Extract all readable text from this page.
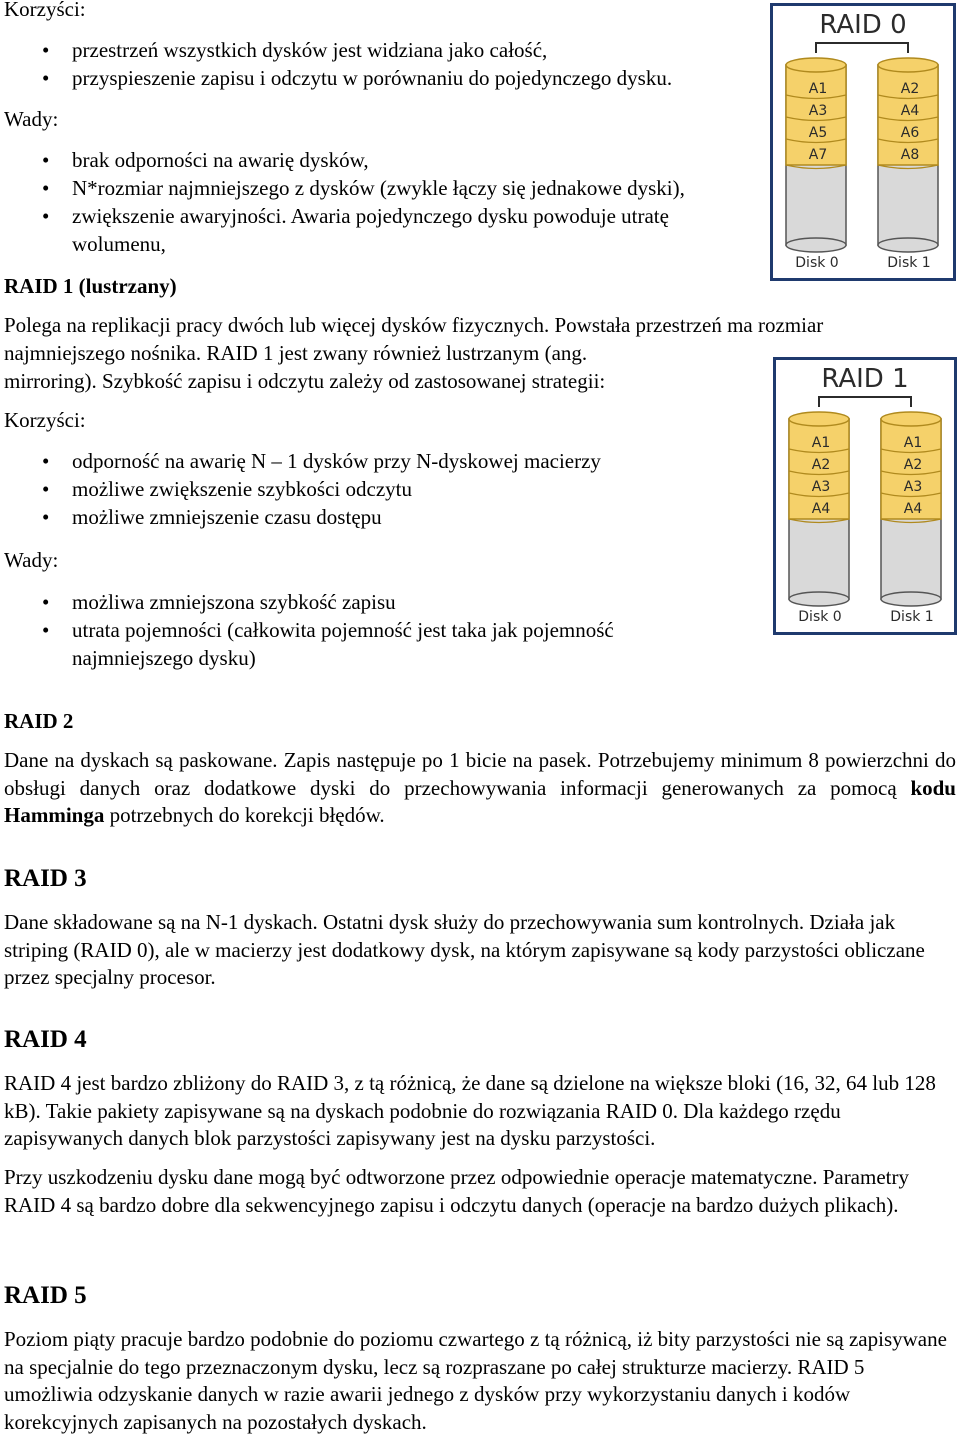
Korzyści:
• przestrzeń wszystkich dysków jest widziana jako całość,
• przyspieszenie zapisu i odczytu w porównaniu do pojedynczego dysku.
Wady:
• brak odporności na awarię dysków,
• N*rozmiar najmniejszego z dysków (zwykle łączy się jednakowe dyski),
• zwiększenie awaryjności. Awaria pojedynczego dysku powoduje utratę wolumenu,
RAID 0
A1
A3
A5
A7
A2
A4
A6
A8
Disk 0	Disk 1
RAID 1 (lustrzany)
Polega na replikacji pracy dwóch lub więcej dysków fizycznych. Powstała przestrzeń ma rozmiar
najmniejszego nośnika. RAID 1 jest zwany również lustrzanym (ang.
mirroring). Szybkość zapisu i odczytu zależy od zastosowanej strategii:
Korzyści:
• odporność na awarię N – 1 dysków przy N-dyskowej macierzy
• możliwe zwiększenie szybkości odczytu
• możliwe zmniejszenie czasu dostępu
Wady:
• możliwa zmniejszona szybkość zapisu
• utrata pojemności (całkowita pojemność jest taka jak pojemność najmniejszego dysku)
RAID 1
A1
A2
A3
A4
A1
A2
A3
A4
Disk 0	Disk 1
RAID 2

Dane na dyskach są paskowane. Zapis następuje po 1 bicie na pasek. Potrzebujemy minimum 8 powierzchni do obsługi danych oraz dodatkowe dyski do przechowywania informacji generowanych za pomocą kodu Hamminga potrzebnych do korekcji błędów.

RAID 3

Dane składowane są na N-1 dyskach. Ostatni dysk służy do przechowywania sum kontrolnych. Działa jak striping (RAID 0), ale w macierzy jest dodatkowy dysk, na którym zapisywane są kody parzystości obliczane przez specjalny procesor.

RAID 4

RAID 4 jest bardzo zbliżony do RAID 3, z tą różnicą, że dane są dzielone na większe bloki (16, 32, 64 lub 128 kB). Takie pakiety zapisywane są na dyskach podobnie do rozwiązania RAID 0. Dla każdego rzędu zapisywanych danych blok parzystości zapisywany jest na dysku parzystości.

Przy uszkodzeniu dysku dane mogą być odtworzone przez odpowiednie operacje matematyczne. Parametry RAID 4 są bardzo dobre dla sekwencyjnego zapisu i odczytu danych (operacje na bardzo dużych plikach).

RAID 5

Poziom piąty pracuje bardzo podobnie do poziomu czwartego z tą różnicą, iż bity parzystości nie są zapisywane na specjalnie do tego przeznaczonym dysku, lecz są rozpraszane po całej strukturze macierzy. RAID 5 umożliwia odzyskanie danych w razie awarii jednego z dysków przy wykorzystaniu danych i kodów korekcyjnych zapisanych na pozostałych dyskach.
